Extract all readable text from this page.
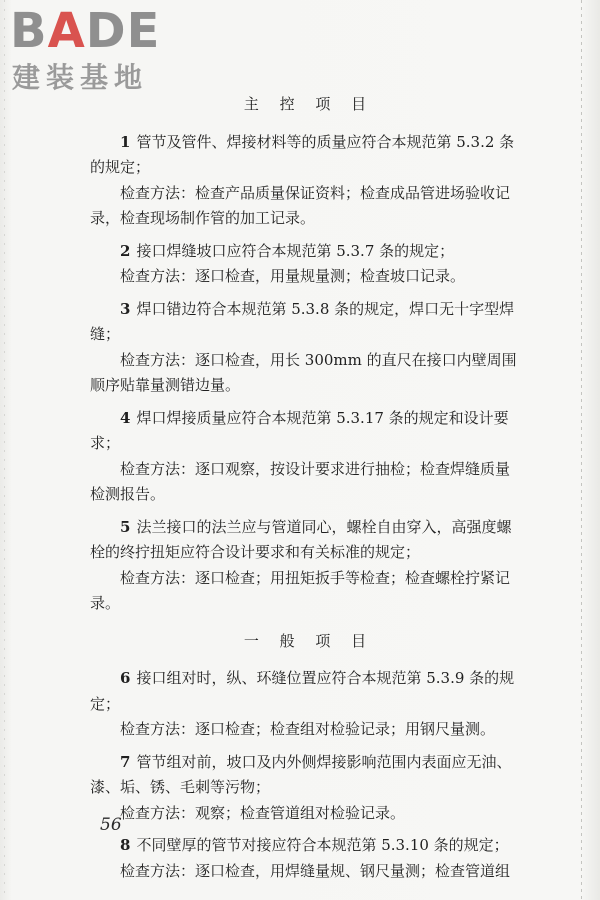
BADE
建装基地
主 控 项 目

1 管节及管件、焊接材料等的质量应符合本规范第 5.3.2 条的规定；

检查方法：检查产品质量保证资料；检查成品管进场验收记录，检查现场制作管的加工记录。

2 接口焊缝坡口应符合本规范第 5.3.7 条的规定；

检查方法：逐口检查，用量规量测；检查坡口记录。

3 焊口错边符合本规范第 5.3.8 条的规定，焊口无十字型焊缝；

检查方法：逐口检查，用长 300mm 的直尺在接口内壁周围顺序贴靠量测错边量。

4 焊口焊接质量应符合本规范第 5.3.17 条的规定和设计要求；

检查方法：逐口观察，按设计要求进行抽检；检查焊缝质量检测报告。

5 法兰接口的法兰应与管道同心，螺栓自由穿入，高强度螺栓的终拧扭矩应符合设计要求和有关标准的规定；

检查方法：逐口检查；用扭矩扳手等检查；检查螺栓拧紧记录。

一 般 项 目

6 接口组对时，纵、环缝位置应符合本规范第 5.3.9 条的规定；

检查方法：逐口检查；检查组对检验记录；用钢尺量测。

7 管节组对前，坡口及内外侧焊接影响范围内表面应无油、漆、垢、锈、毛刺等污物；

检查方法：观察；检查管道组对检验记录。

8 不同壁厚的管节对接应符合本规范第 5.3.10 条的规定；

检查方法：逐口检查，用焊缝量规、钢尺量测；检查管道组

56
